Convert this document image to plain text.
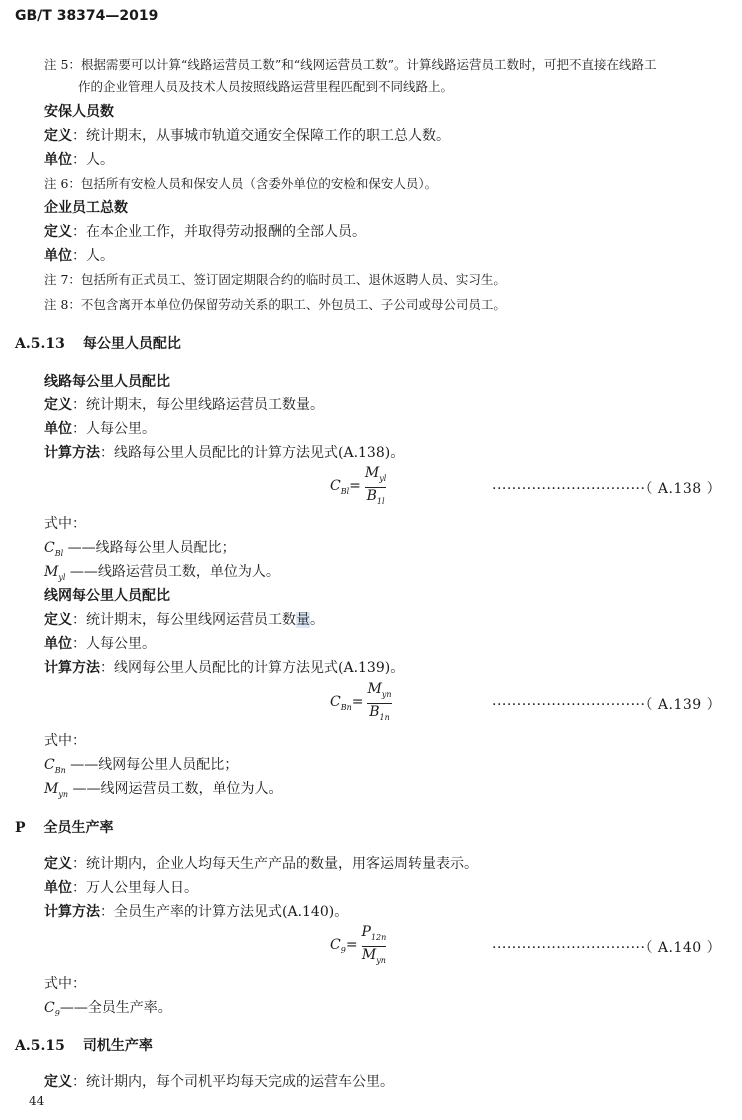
GB/T 38374—2019
注 5：根据需要可以计算“线路运营员工数”和“线网运营员工数”。计算线路运营员工数时，可把不直接在线路工
作的企业管理人员及技术人员按照线路运营里程匹配到不同线路上。
安保人员数
定义：统计期末，从事城市轨道交通安全保障工作的职工总人数。
单位：人。
注 6：包括所有安检人员和保安人员（含委外单位的安检和保安人员）。
企业员工总数
定义：在本企业工作，并取得劳动报酬的全部人员。
单位：人。
注 7：包括所有正式员工、签订固定期限合约的临时员工、退休返聘人员、实习生。
注 8：不包含离开本单位仍保留劳动关系的职工、外包员工、子公司或母公司员工。
A.5.13 每公里人员配比
线路每公里人员配比
定义：统计期末，每公里线路运营员工数量。
单位：人每公里。
计算方法：线路每公里人员配比的计算方法见式(A.138)。
$C_{Bl}= \frac{M_{yl}}{B_{1l}}$	·······························（ A.138 ）
式中：
$C_{Bl}$ ——线路每公里人员配比；
$M_{yl}$ ——线路运营员工数，单位为人。
线网每公里人员配比
定义：统计期末，每公里线网运营员工数量。
单位：人每公里。
计算方法：线网每公里人员配比的计算方法见式(A.139)。
$C_{Bn}= \frac{M_{yn}}{B_{1n}}$	·······························（ A.139 ）
式中：
$C_{Bn}$ ——线网每公里人员配比；
$M_{yn}$ ——线网运营员工数，单位为人。
P 全员生产率
定义：统计期内，企业人均每天生产产品的数量，用客运周转量表示。
单位：万人公里每人日。
计算方法：全员生产率的计算方法见式(A.140)。
$C_9= \frac{P_{12n}}{M_{yn}}$	·······························（ A.140 ）
式中：
$C_9——$全员生产率。
A.5.15 司机生产率
定义：统计期内，每个司机平均每天完成的运营车公里。
44
